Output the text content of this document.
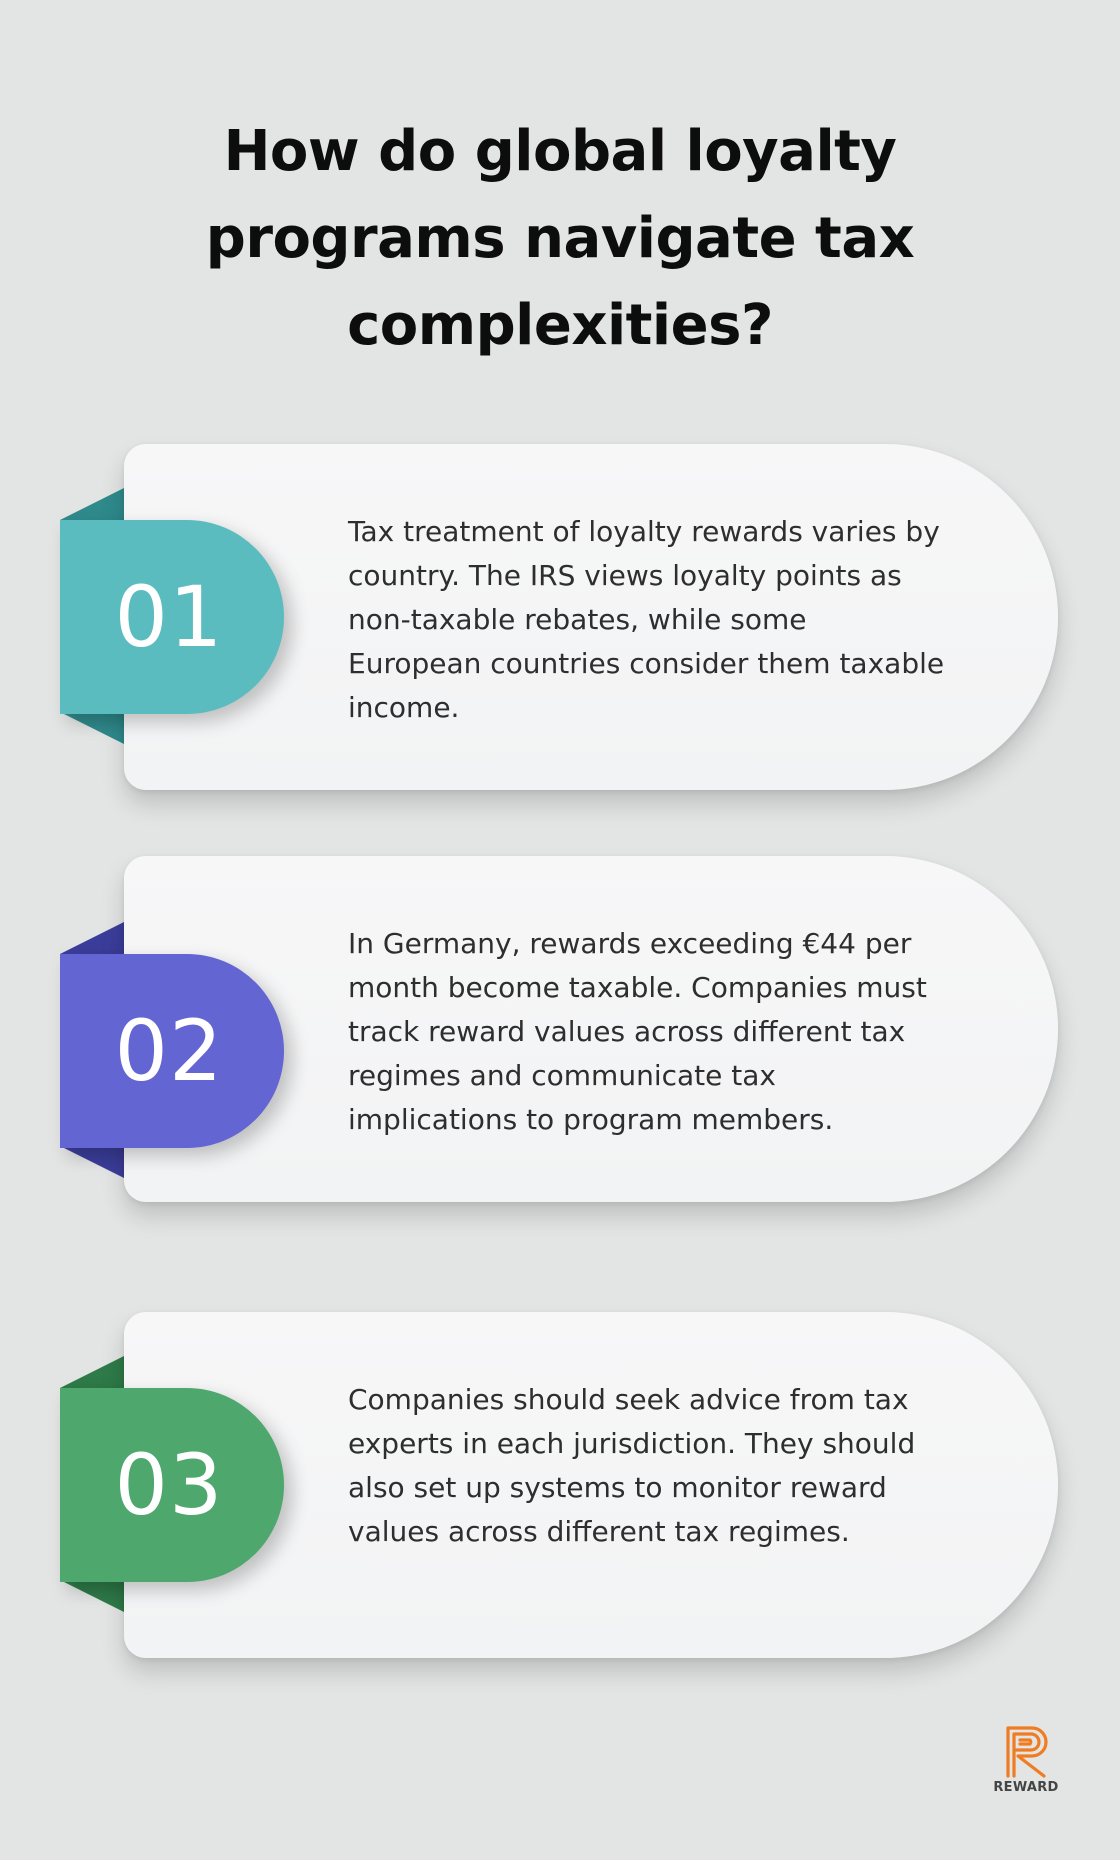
How do global loyalty programs navigate tax complexities?

Tax treatment of loyalty rewards varies by country. The IRS views loyalty points as non-taxable rebates, while some European countries consider them taxable income.

01

In Germany, rewards exceeding €44 per month become taxable. Companies must track reward values across different tax regimes and communicate tax implications to program members.

02

Companies should seek advice from tax experts in each jurisdiction. They should also set up systems to monitor reward values across different tax regimes.

03
REWARD
